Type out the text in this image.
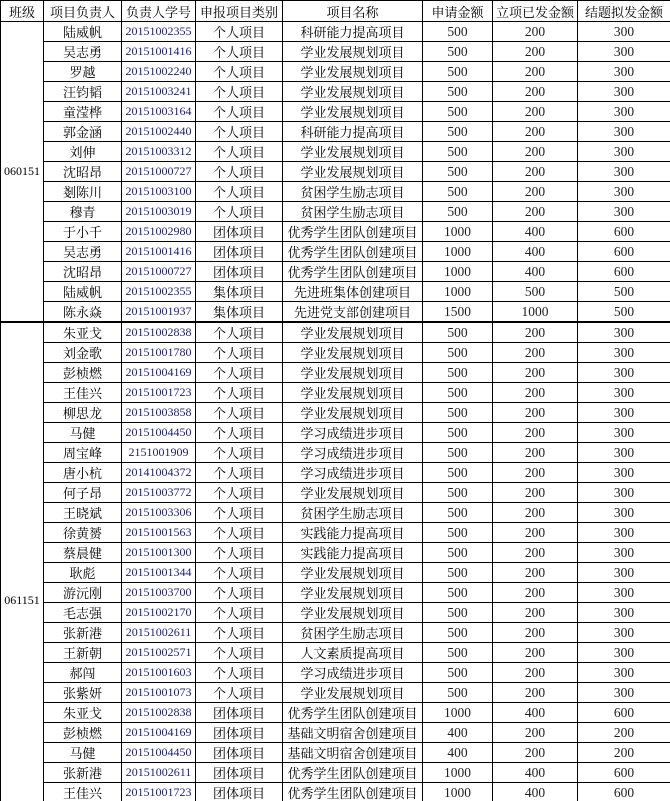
班级	项目负责人	负责人学号	申报项目类别	项目名称	申请金额	立项已发金额	结题拟发金额

060151	陆威帆	20151002355	个人项目	科研能力提高项目	500	200	300
	吴志勇	20151001416	个人项目	学业发展规划项目	500	200	300
	罗越	20151002240	个人项目	学业发展规划项目	500	200	300
	汪钧韬	20151003241	个人项目	学业发展规划项目	500	200	300
	童滢桦	20151003164	个人项目	学业发展规划项目	500	200	300
	郭金涵	20151002440	个人项目	科研能力提高项目	500	200	300
	刘伸	20151003312	个人项目	学业发展规划项目	500	200	300
	沈昭昂	20151000727	个人项目	学业发展规划项目	500	200	300
	剗陈川	20151003100	个人项目	贫困学生励志项目	500	200	300
	穆青	20151003019	个人项目	贫困学生励志项目	500	200	300
	于小千	20151002980	团体项目	优秀学生团队创建项目	1000	400	600
	吴志勇	20151001416	团体项目	优秀学生团队创建项目	1000	400	600
	沈昭昂	20151000727	团体项目	优秀学生团队创建项目	1000	400	600
	陆威帆	20151002355	集体项目	先进班集体创建项目	1000	500	500
	陈永焱	20151001937	集体项目	先进党支部创建项目	1500	1000	500

061151	朱亚戈	20151002838	个人项目	学业发展规划项目	500	200	300
	刘金歌	20151001780	个人项目	学业发展规划项目	500	200	300
	彭桢燃	20151004169	个人项目	学业发展规划项目	500	200	300
	王佳兴	20151001723	个人项目	学业发展规划项目	500	200	300
	柳思龙	20151003858	个人项目	学业发展规划项目	500	200	300
	马健	20151004450	个人项目	学习成绩进步项目	500	200	300
	周宝峰	2151001909	个人项目	学习成绩进步项目	500	200	300
	唐小杭	20141004372	个人项目	学习成绩进步项目	500	200	300
	何子昂	20151003772	个人项目	学业发展规划项目	500	200	300
	王晓斌	20151003306	个人项目	贫困学生励志项目	500	200	300
	徐黄赟	20151001563	个人项目	实践能力提高项目	500	200	300
	蔡晨健	20151001300	个人项目	实践能力提高项目	500	200	300
	耿彪	20151001344	个人项目	学业发展规划项目	500	200	300
	游沅刚	20151003700	个人项目	学业发展规划项目	500	200	300
	毛志强	20151002170	个人项目	学业发展规划项目	500	200	300
	张新港	20151002611	个人项目	贫困学生励志项目	500	200	300
	王新朝	20151002571	个人项目	人文素质提高项目	500	200	300
	郝闯	20151001603	个人项目	学习成绩进步项目	500	200	300
	张紫妍	20151001073	个人项目	学业发展规划项目	500	200	300
	朱亚戈	20151002838	团体项目	优秀学生团队创建项目	1000	400	600
	彭桢燃	20151004169	团体项目	基础文明宿舍创建项目	400	200	200
	马健	20151004450	团体项目	基础文明宿舍创建项目	400	200	200
	张新港	20151002611	团体项目	优秀学生团队创建项目	1000	400	600
	王佳兴	20151001723	团体项目	优秀学生团队创建项目	1000	400	600
